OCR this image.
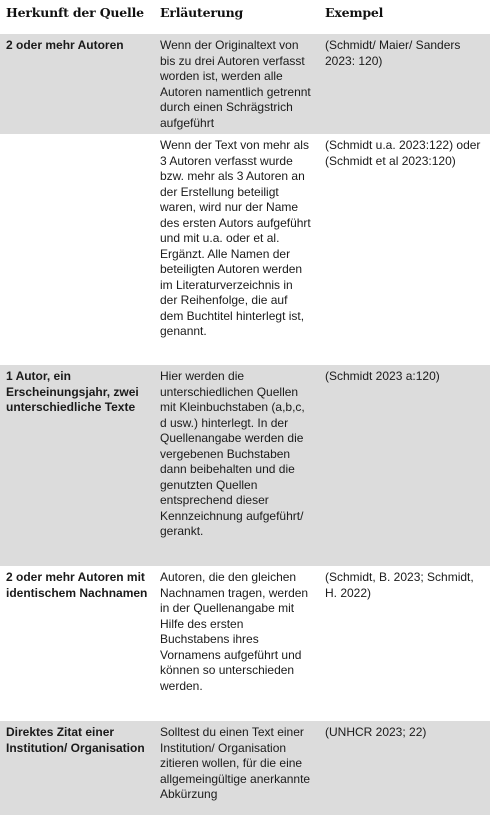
Herkunft der Quelle	Erläuterung	Exempel
2 oder mehr Autoren	Wenn der Originaltext von bis zu drei Autoren verfasst worden ist, werden alle Autoren namentlich getrennt durch einen Schrägstrich aufgeführt	(Schmidt/ Maier/ Sanders 2023: 120)
	Wenn der Text von mehr als 3 Autoren verfasst wurde bzw. mehr als 3 Autoren an der Erstellung beteiligt waren, wird nur der Name des ersten Autors aufgeführt und mit u.a. oder et al. Ergänzt. Alle Namen der beteiligten Autoren werden im Literaturverzeichnis in der Reihenfolge, die auf dem Buchtitel hinterlegt ist, genannt.	(Schmidt u.a. 2023:122) oder (Schmidt et al 2023:120)
1 Autor, ein Erscheinungsjahr, zwei unterschiedliche Texte	Hier werden die unterschiedlichen Quellen mit Kleinbuchstaben (a,b,c, d usw.) hinterlegt. In der Quellenangabe werden die vergebenen Buchstaben dann beibehalten und die genutzten Quellen entsprechend dieser Kennzeichnung aufgeführt/ gerankt.	(Schmidt 2023 a:120)
2 oder mehr Autoren mit identischem Nachnamen	Autoren, die den gleichen Nachnamen tragen, werden in der Quellenangabe mit Hilfe des ersten Buchstabens ihres Vornamens aufgeführt und können so unterschieden werden.	(Schmidt, B. 2023; Schmidt, H. 2022)
Direktes Zitat einer Institution/ Organisation	Solltest du einen Text einer Institution/ Organisation zitieren wollen, für die eine allgemeingültige anerkannte Abkürzung	(UNHCR 2023; 22)
